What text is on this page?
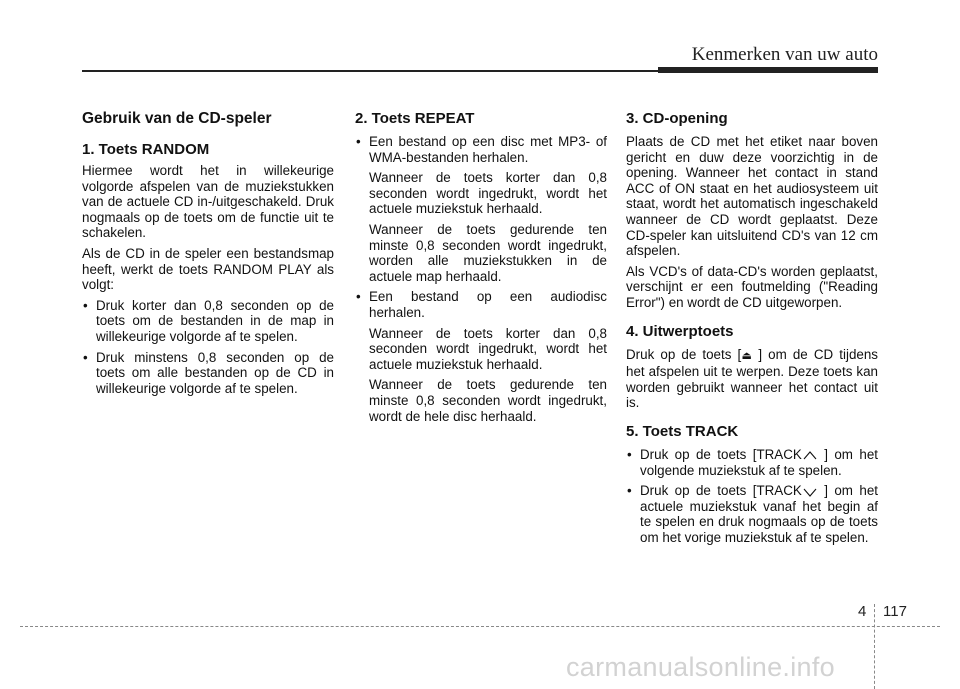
Kenmerken van uw auto
Gebruik van de CD-speler
1. Toets RANDOM

Hiermee wordt het in willekeurige volgorde afspelen van de muziekstukken van de actuele CD in-/uitgeschakeld. Druk nogmaals op de toets om de functie uit te schakelen.

Als de CD in de speler een bestandsmap heeft, werkt de toets RANDOM PLAY als volgt:

• Druk korter dan 0,8 seconden op de toets om de bestanden in de map in willekeurige volgorde af te spelen.
• Druk minstens 0,8 seconden op de toets om alle bestanden op de CD in willekeurige volgorde af te spelen.
2. Toets REPEAT
• Een bestand op een disc met MP3- of WMA-bestanden herhalen.
Wanneer de toets korter dan 0,8 seconden wordt ingedrukt, wordt het actuele muziekstuk herhaald.
Wanneer de toets gedurende ten minste 0,8 seconden wordt ingedrukt, worden alle muziekstukken in de actuele map herhaald.
• Een bestand op een audiodisc herhalen.
Wanneer de toets korter dan 0,8 seconden wordt ingedrukt, wordt het actuele muziekstuk herhaald.
Wanneer de toets gedurende ten minste 0,8 seconden wordt ingedrukt, wordt de hele disc herhaald.
3. CD-opening

Plaats de CD met het etiket naar boven gericht en duw deze voorzichtig in de opening. Wanneer het contact in stand ACC of ON staat en het audiosysteem uit staat, wordt het automatisch ingeschakeld wanneer de CD wordt geplaatst. Deze CD-speler kan uitsluitend CD's van 12 cm afspelen.

Als VCD's of data-CD's worden geplaatst, verschijnt er een foutmelding ("Reading Error") en wordt de CD uitgeworpen.

4. Uitwerptoets

Druk op de toets [⏏ ] om de CD tijdens het afspelen uit te werpen. Deze toets kan worden gebruikt wanneer het contact uit is.

5. Toets TRACK
• Druk op de toets [TRACK ] om het volgende muziekstuk af te spelen.
• Druk op de toets [TRACK ] om het actuele muziekstuk vanaf het begin af te spelen en druk nogmaals op de toets om het vorige muziekstuk af te spelen.
4 117
carmanualsonline.info
